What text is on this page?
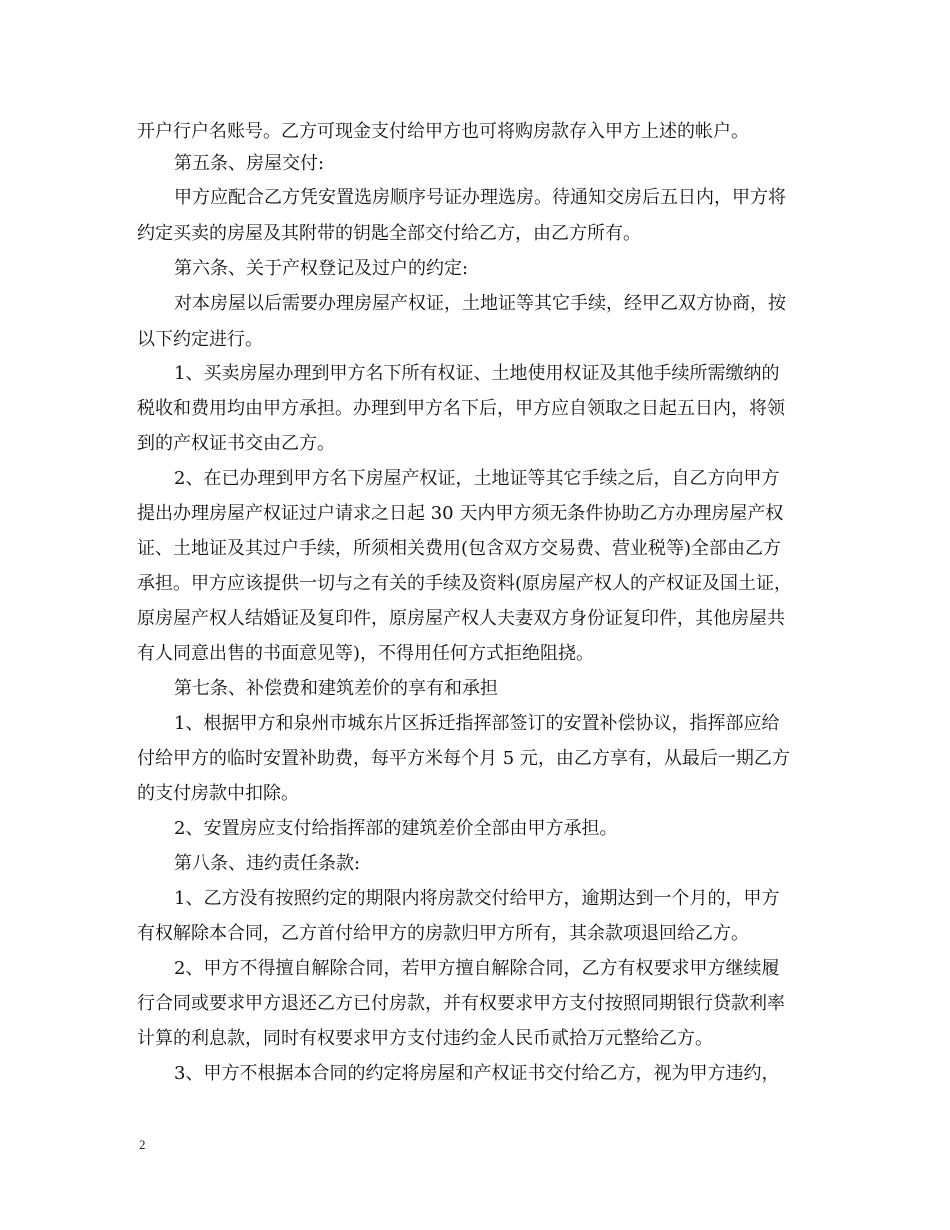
开户行户名账号。乙方可现金支付给甲方也可将购房款存入甲方上述的帐户。
第五条、房屋交付:
甲方应配合乙方凭安置选房顺序号证办理选房。待通知交房后五日内，甲方将
约定买卖的房屋及其附带的钥匙全部交付给乙方，由乙方所有。
第六条、关于产权登记及过户的约定:
对本房屋以后需要办理房屋产权证，土地证等其它手续，经甲乙双方协商，按
以下约定进行。
1、买卖房屋办理到甲方名下所有权证、土地使用权证及其他手续所需缴纳的
税收和费用均由甲方承担。办理到甲方名下后，甲方应自领取之日起五日内，将领
到的产权证书交由乙方。
2、在已办理到甲方名下房屋产权证，土地证等其它手续之后，自乙方向甲方
提出办理房屋产权证过户请求之日起 30 天内甲方须无条件协助乙方办理房屋产权
证、土地证及其过户手续，所须相关费用(包含双方交易费、营业税等)全部由乙方
承担。甲方应该提供一切与之有关的手续及资料(原房屋产权人的产权证及国土证，
原房屋产权人结婚证及复印件，原房屋产权人夫妻双方身份证复印件，其他房屋共
有人同意出售的书面意见等)，不得用任何方式拒绝阻挠。
第七条、补偿费和建筑差价的享有和承担
1、根据甲方和泉州市城东片区拆迁指挥部签订的安置补偿协议，指挥部应给
付给甲方的临时安置补助费，每平方米每个月 5 元，由乙方享有，从最后一期乙方
的支付房款中扣除。
2、安置房应支付给指挥部的建筑差价全部由甲方承担。
第八条、违约责任条款:
1、乙方没有按照约定的期限内将房款交付给甲方，逾期达到一个月的，甲方
有权解除本合同，乙方首付给甲方的房款归甲方所有，其余款项退回给乙方。
2、甲方不得擅自解除合同，若甲方擅自解除合同，乙方有权要求甲方继续履
行合同或要求甲方退还乙方已付房款，并有权要求甲方支付按照同期银行贷款利率
计算的利息款，同时有权要求甲方支付违约金人民币贰拾万元整给乙方。
3、甲方不根据本合同的约定将房屋和产权证书交付给乙方，视为甲方违约，
2
